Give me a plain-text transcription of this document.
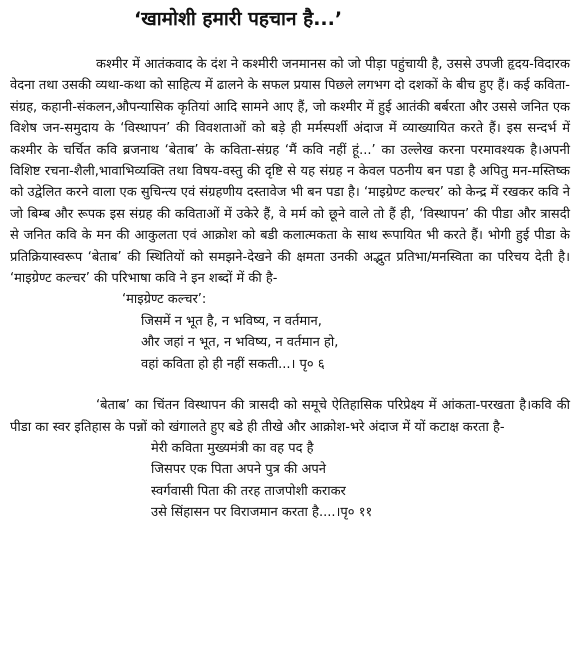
‘खामोशी हमारी पहचान है...’

कश्मीर में आतंकवाद के दंश ने कश्मीरी जनमानस को जो पीड़ा पहुंचायी है, उससे उपजी हृदय-विदारक वेदना तथा उसकी व्यथा-कथा को साहित्य में ढालने के सफल प्रयास पिछले लगभग दो दशकों के बीच हुए हैं। कई कविता-संग्रह, कहानी-संकलन,औपन्यासिक कृतियां आदि सामने आए हैं, जो कश्मीर में हुई आतंकी बर्बरता और उससे जनित एक विशेष जन-समुदाय के ‘विस्थापन’ की विवशताओं को बड़े ही मर्मस्पर्शी अंदाज में व्याख्यायित करते हैं। इस सन्दर्भ में कश्मीर के चर्चित कवि ब्रजनाथ ‘बेताब’ के कविता-संग्रह ‘मैं कवि नहीं हूं...’ का उल्लेख करना परमावश्यक है।अपनी विशिष्ट रचना-शैली,भावाभिव्यक्ति तथा विषय-वस्तु की दृष्टि से यह संग्रह न केवल पठनीय बन पडा है अपितु मन-मस्तिष्क को उद्वेलित करने वाला एक सुचिन्त्य एवं संग्रहणीय दस्तावेज भी बन पडा है। ‘माइग्रेण्ट कल्चर’ को केन्द्र में रखकर कवि ने जो बिम्ब और रूपक इस संग्रह की कविताओं में उकेरे हैं, वे मर्म को छूने वाले तो हैं ही, ‘विस्थापन’ की पीडा और त्रासदी से जनित कवि के मन की आकुलता एवं आक्रोश को बडी कलात्मकता के साथ रूपायित भी करते हैं। भोगी हुई पीडा के प्रतिक्रियास्वरूप ‘बेताब’ की स्थितियों को समझने-देखने की क्षमता उनकी अद्भुत प्रतिभा/मनस्विता का परिचय देती है। ‘माइग्रेण्ट कल्चर’ की परिभाषा कवि ने इन शब्दों में की है-

‘माइग्रेण्ट कल्चर’:
जिसमें न भूत है, न भविष्य, न वर्तमान,
और जहां न भूत, न भविष्य, न वर्तमान हो,
वहां कविता हो ही नहीं सकती...। पृ० ६

‘बेताब’ का चिंतन विस्थापन की त्रासदी को समूचे ऐतिहासिक परिप्रेक्ष्य में आंकता-परखता है।कवि की पीडा का स्वर इतिहास के पन्नों को खंगालते हुए बडे ही तीखे और आक्रोश-भरे अंदाज में यों कटाक्ष करता है-

मेरी कविता मुख्यमंत्री का वह पद है
जिसपर एक पिता अपने पुत्र की अपने
स्वर्गवासी पिता की तरह ताजपोशी कराकर
उसे सिंहासन पर विराजमान करता है....।पृ० ११
